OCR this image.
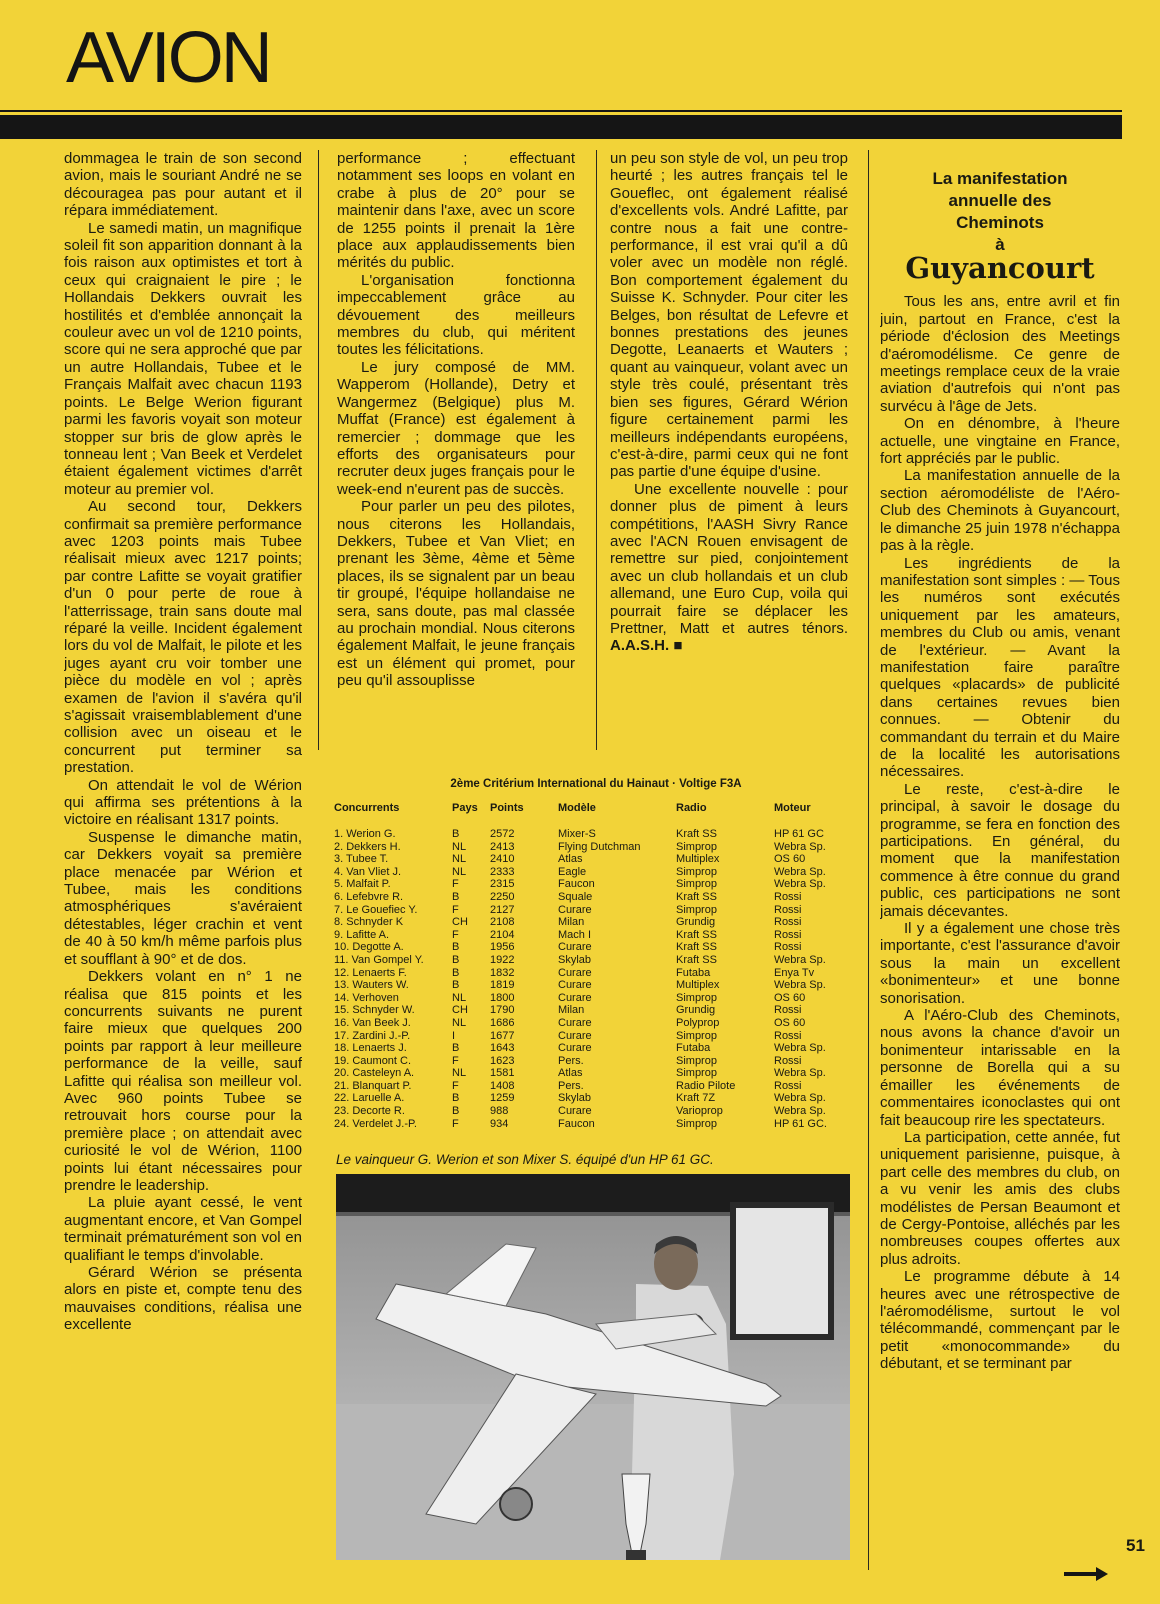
AVION

dommagea le train de son second avion, mais le souriant André ne se découragea pas pour autant et il répara immédiatement.

Le samedi matin, un magnifique soleil fit son apparition donnant à la fois raison aux optimistes et tort à ceux qui craignaient le pire ; le Hollandais Dekkers ouvrait les hostilités et d'emblée annonçait la couleur avec un vol de 1210 points, score qui ne sera approché que par un autre Hollandais, Tubee et le Français Malfait avec chacun 1193 points. Le Belge Werion figurant parmi les favoris voyait son moteur stopper sur bris de glow après le tonneau lent ; Van Beek et Verdelet étaient également victimes d'arrêt moteur au premier vol.

Au second tour, Dekkers confirmait sa première performance avec 1203 points mais Tubee réalisait mieux avec 1217 points; par contre Lafitte se voyait gratifier d'un 0 pour perte de roue à l'atterrissage, train sans doute mal réparé la veille. Incident également lors du vol de Malfait, le pilote et les juges ayant cru voir tomber une pièce du modèle en vol ; après examen de l'avion il s'avéra qu'il s'agissait vraisemblablement d'une collision avec un oiseau et le concurrent put terminer sa prestation.

On attendait le vol de Wérion qui affirma ses prétentions à la victoire en réalisant 1317 points.

Suspense le dimanche matin, car Dekkers voyait sa première place menacée par Wérion et Tubee, mais les conditions atmosphériques s'avéraient détestables, léger crachin et vent de 40 à 50 km/h même parfois plus et soufflant à 90° et de dos.

Dekkers volant en n° 1 ne réalisa que 815 points et les concurrents suivants ne purent faire mieux que quelques 200 points par rapport à leur meilleure performance de la veille, sauf Lafitte qui réalisa son meilleur vol. Avec 960 points Tubee se retrouvait hors course pour la première place ; on attendait avec curiosité le vol de Wérion, 1100 points lui étant nécessaires pour prendre le leadership.

La pluie ayant cessé, le vent augmentant encore, et Van Gompel terminait prématurément son vol en qualifiant le temps d'involable.

Gérard Wérion se présenta alors en piste et, compte tenu des mauvaises conditions, réalisa une excellente

performance ; effectuant notamment ses loops en volant en crabe à plus de 20° pour se maintenir dans l'axe, avec un score de 1255 points il prenait la 1ère place aux applaudissements bien mérités du public.

L'organisation fonctionna impeccablement grâce au dévouement des meilleurs membres du club, qui méritent toutes les félicitations.

Le jury composé de MM. Wapperom (Hollande), Detry et Wangermez (Belgique) plus M. Muffat (France) est également à remercier ; dommage que les efforts des organisateurs pour recruter deux juges français pour le week-end n'eurent pas de succès.

Pour parler un peu des pilotes, nous citerons les Hollandais, Dekkers, Tubee et Van Vliet; en prenant les 3ème, 4ème et 5ème places, ils se signalent par un beau tir groupé, l'équipe hollandaise ne sera, sans doute, pas mal classée au prochain mondial. Nous citerons également Malfait, le jeune français est un élément qui promet, pour peu qu'il assouplisse

un peu son style de vol, un peu trop heurté ; les autres français tel le Goueflec, ont également réalisé d'excellents vols. André Lafitte, par contre nous a fait une contre-performance, il est vrai qu'il a dû voler avec un modèle non réglé. Bon comportement également du Suisse K. Schnyder. Pour citer les Belges, bon résultat de Lefevre et bonnes prestations des jeunes Degotte, Leanaerts et Wauters ; quant au vainqueur, volant avec un style très coulé, présentant très bien ses figures, Gérard Wérion figure certainement parmi les meilleurs indépendants européens, c'est-à-dire, parmi ceux qui ne font pas partie d'une équipe d'usine.

Une excellente nouvelle : pour donner plus de piment à leurs compétitions, l'AASH Sivry Rance avec l'ACN Rouen envisagent de remettre sur pied, conjointement avec un club hollandais et un club allemand, une Euro Cup, voila qui pourrait faire se déplacer les Prettner, Matt et autres ténors. A.A.S.H. ■

La manifestation
annuelle des
Cheminots
à
Guyancourt

Tous les ans, entre avril et fin juin, partout en France, c'est la période d'éclosion des Meetings d'aéromodélisme. Ce genre de meetings remplace ceux de la vraie aviation d'autrefois qui n'ont pas survécu à l'âge de Jets.

On en dénombre, à l'heure actuelle, une vingtaine en France, fort appréciés par le public.

La manifestation annuelle de la section aéromodéliste de l'Aéro-Club des Cheminots à Guyancourt, le dimanche 25 juin 1978 n'échappa pas à la règle.

Les ingrédients de la manifestation sont simples : — Tous les numéros sont exécutés uniquement par les amateurs, membres du Club ou amis, venant de l'extérieur. — Avant la manifestation faire paraître quelques «placards» de publicité dans certaines revues bien connues. — Obtenir du commandant du terrain et du Maire de la localité les autorisations nécessaires.

Le reste, c'est-à-dire le principal, à savoir le dosage du programme, se fera en fonction des participations. En général, du moment que la manifestation commence à être connue du grand public, ces participations ne sont jamais décevantes.

Il y a également une chose très importante, c'est l'assurance d'avoir sous la main un excellent «bonimenteur» et une bonne sonorisation.

A l'Aéro-Club des Cheminots, nous avons la chance d'avoir un bonimenteur intarissable en la personne de Borella qui a su émailler les événements de commentaires iconoclastes qui ont fait beaucoup rire les spectateurs.

La participation, cette année, fut uniquement parisienne, puisque, à part celle des membres du club, on a vu venir les amis des clubs modélistes de Persan Beaumont et de Cergy-Pontoise, alléchés par les nombreuses coupes offertes aux plus adroits.

Le programme débute à 14 heures avec une rétrospective de l'aéromodélisme, surtout le vol télécommandé, commençant par le petit «monocommande» du débutant, et se terminant par

2ème Critérium International du Hainaut · Voltige F3A
Concurrents	Pays	Points	Modèle	Radio	Moteur
1. Werion G.	B	2572	Mixer-S	Kraft SS	HP 61 GC
2. Dekkers H.	NL	2413	Flying Dutchman	Simprop	Webra Sp.
3. Tubee T.	NL	2410	Atlas	Multiplex	OS 60
4. Van Vliet J.	NL	2333	Eagle	Simprop	Webra Sp.
5. Malfait P.	F	2315	Faucon	Simprop	Webra Sp.
6. Lefebvre R.	B	2250	Squale	Kraft SS	Rossi
7. Le Gouefiec Y.	F	2127	Curare	Simprop	Rossi
8. Schnyder K	CH	2108	Milan	Grundig	Rossi
9. Lafitte A.	F	2104	Mach I	Kraft SS	Rossi
10. Degotte A.	B	1956	Curare	Kraft SS	Rossi
11. Van Gompel Y.	B	1922	Skylab	Kraft SS	Webra Sp.
12. Lenaerts F.	B	1832	Curare	Futaba	Enya Tv
13. Wauters W.	B	1819	Curare	Multiplex	Webra Sp.
14. Verhoven	NL	1800	Curare	Simprop	OS 60
15. Schnyder W.	CH	1790	Milan	Grundig	Rossi
16. Van Beek J.	NL	1686	Curare	Polyprop	OS 60
17. Zardini J.-P.	I	1677	Curare	Simprop	Rossi
18. Lenaerts J.	B	1643	Curare	Futaba	Webra Sp.
19. Caumont C.	F	1623	Pers.	Simprop	Rossi
20. Casteleyn A.	NL	1581	Atlas	Simprop	Webra Sp.
21. Blanquart P.	F	1408	Pers.	Radio Pilote	Rossi
22. Laruelle A.	B	1259	Skylab	Kraft 7Z	Webra Sp.
23. Decorte R.	B	988	Curare	Varioprop	Webra Sp.
24. Verdelet J.-P.	F	934	Faucon	Simprop	HP 61 GC.
Le vainqueur G. Werion et son Mixer S. équipé d'un HP 61 GC.
51
